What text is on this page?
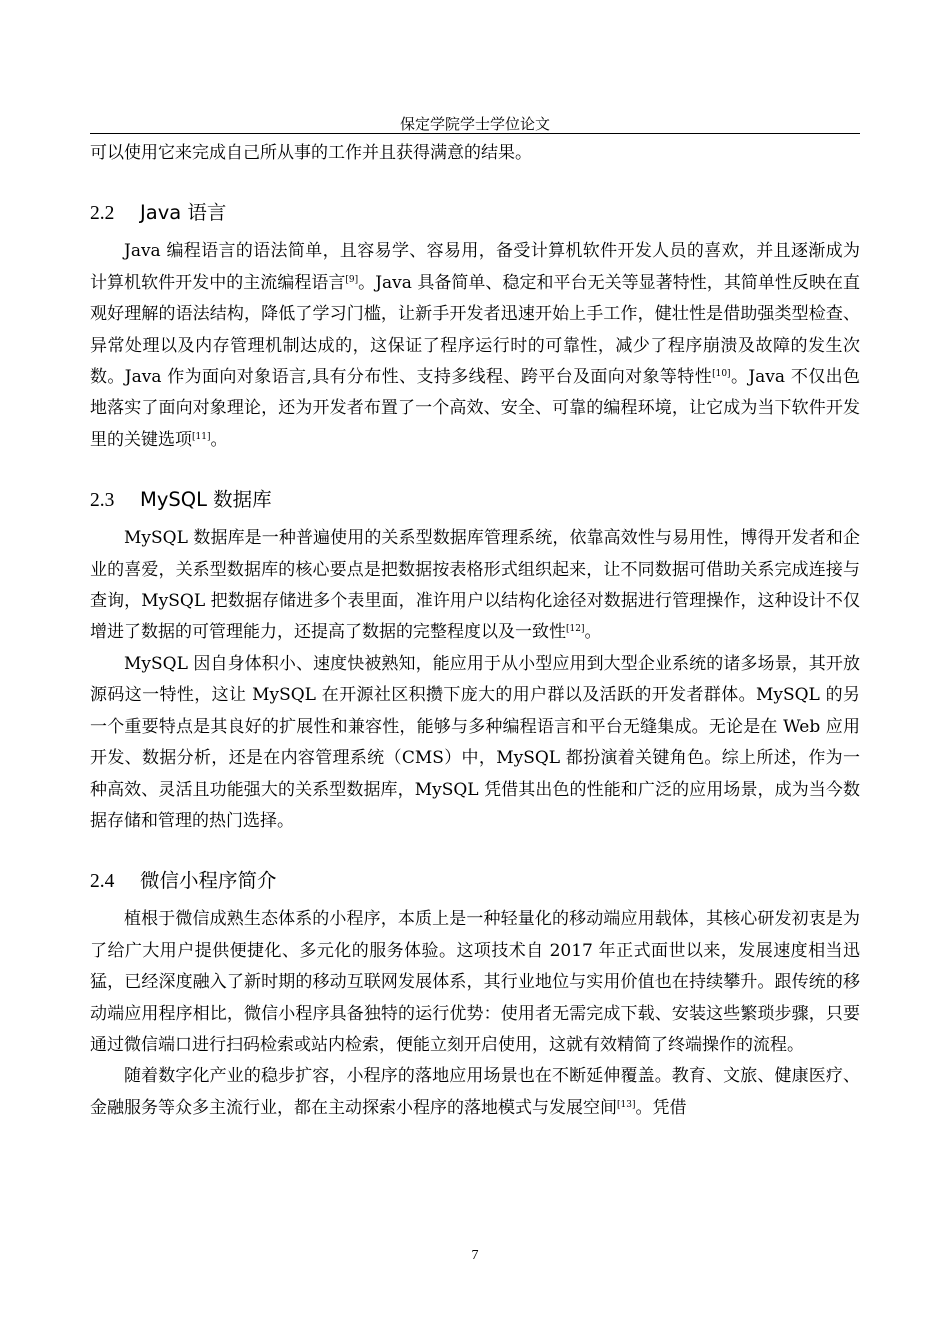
保定学院学士学位论文

可以使用它来完成自己所从事的工作并且获得满意的结果。

2.2 Java 语言

Java 编程语言的语法简单，且容易学、容易用，备受计算机软件开发人员的喜欢，并且逐渐成为计算机软件开发中的主流编程语言[9]。Java 具备简单、稳定和平台无关等显著特性，其简单性反映在直观好理解的语法结构，降低了学习门槛，让新手开发者迅速开始上手工作，健壮性是借助强类型检查、异常处理以及内存管理机制达成的，这保证了程序运行时的可靠性，减少了程序崩溃及故障的发生次数。Java 作为面向对象语言,具有分布性、支持多线程、跨平台及面向对象等特性[10]。Java 不仅出色地落实了面向对象理论，还为开发者布置了一个高效、安全、可靠的编程环境，让它成为当下软件开发里的关键选项[11]。

2.3 MySQL 数据库

MySQL 数据库是一种普遍使用的关系型数据库管理系统，依靠高效性与易用性，博得开发者和企业的喜爱，关系型数据库的核心要点是把数据按表格形式组织起来，让不同数据可借助关系完成连接与查询，MySQL 把数据存储进多个表里面，准许用户以结构化途径对数据进行管理操作，这种设计不仅增进了数据的可管理能力，还提高了数据的完整程度以及一致性[12]。

MySQL 因自身体积小、速度快被熟知，能应用于从小型应用到大型企业系统的诸多场景，其开放源码这一特性，这让 MySQL 在开源社区积攒下庞大的用户群以及活跃的开发者群体。MySQL 的另一个重要特点是其良好的扩展性和兼容性，能够与多种编程语言和平台无缝集成。无论是在 Web 应用开发、数据分析，还是在内容管理系统（CMS）中，MySQL 都扮演着关键角色。综上所述，作为一种高效、灵活且功能强大的关系型数据库，MySQL 凭借其出色的性能和广泛的应用场景，成为当今数据存储和管理的热门选择。

2.4 微信小程序简介

植根于微信成熟生态体系的小程序，本质上是一种轻量化的移动端应用载体，其核心研发初衷是为了给广大用户提供便捷化、多元化的服务体验。这项技术自 2017 年正式面世以来，发展速度相当迅猛，已经深度融入了新时期的移动互联网发展体系，其行业地位与实用价值也在持续攀升。跟传统的移动端应用程序相比，微信小程序具备独特的运行优势：使用者无需完成下载、安装这些繁琐步骤，只要通过微信端口进行扫码检索或站内检索，便能立刻开启使用，这就有效精简了终端操作的流程。

随着数字化产业的稳步扩容，小程序的落地应用场景也在不断延伸覆盖。教育、文旅、健康医疗、金融服务等众多主流行业，都在主动探索小程序的落地模式与发展空间[13]。凭借

7
